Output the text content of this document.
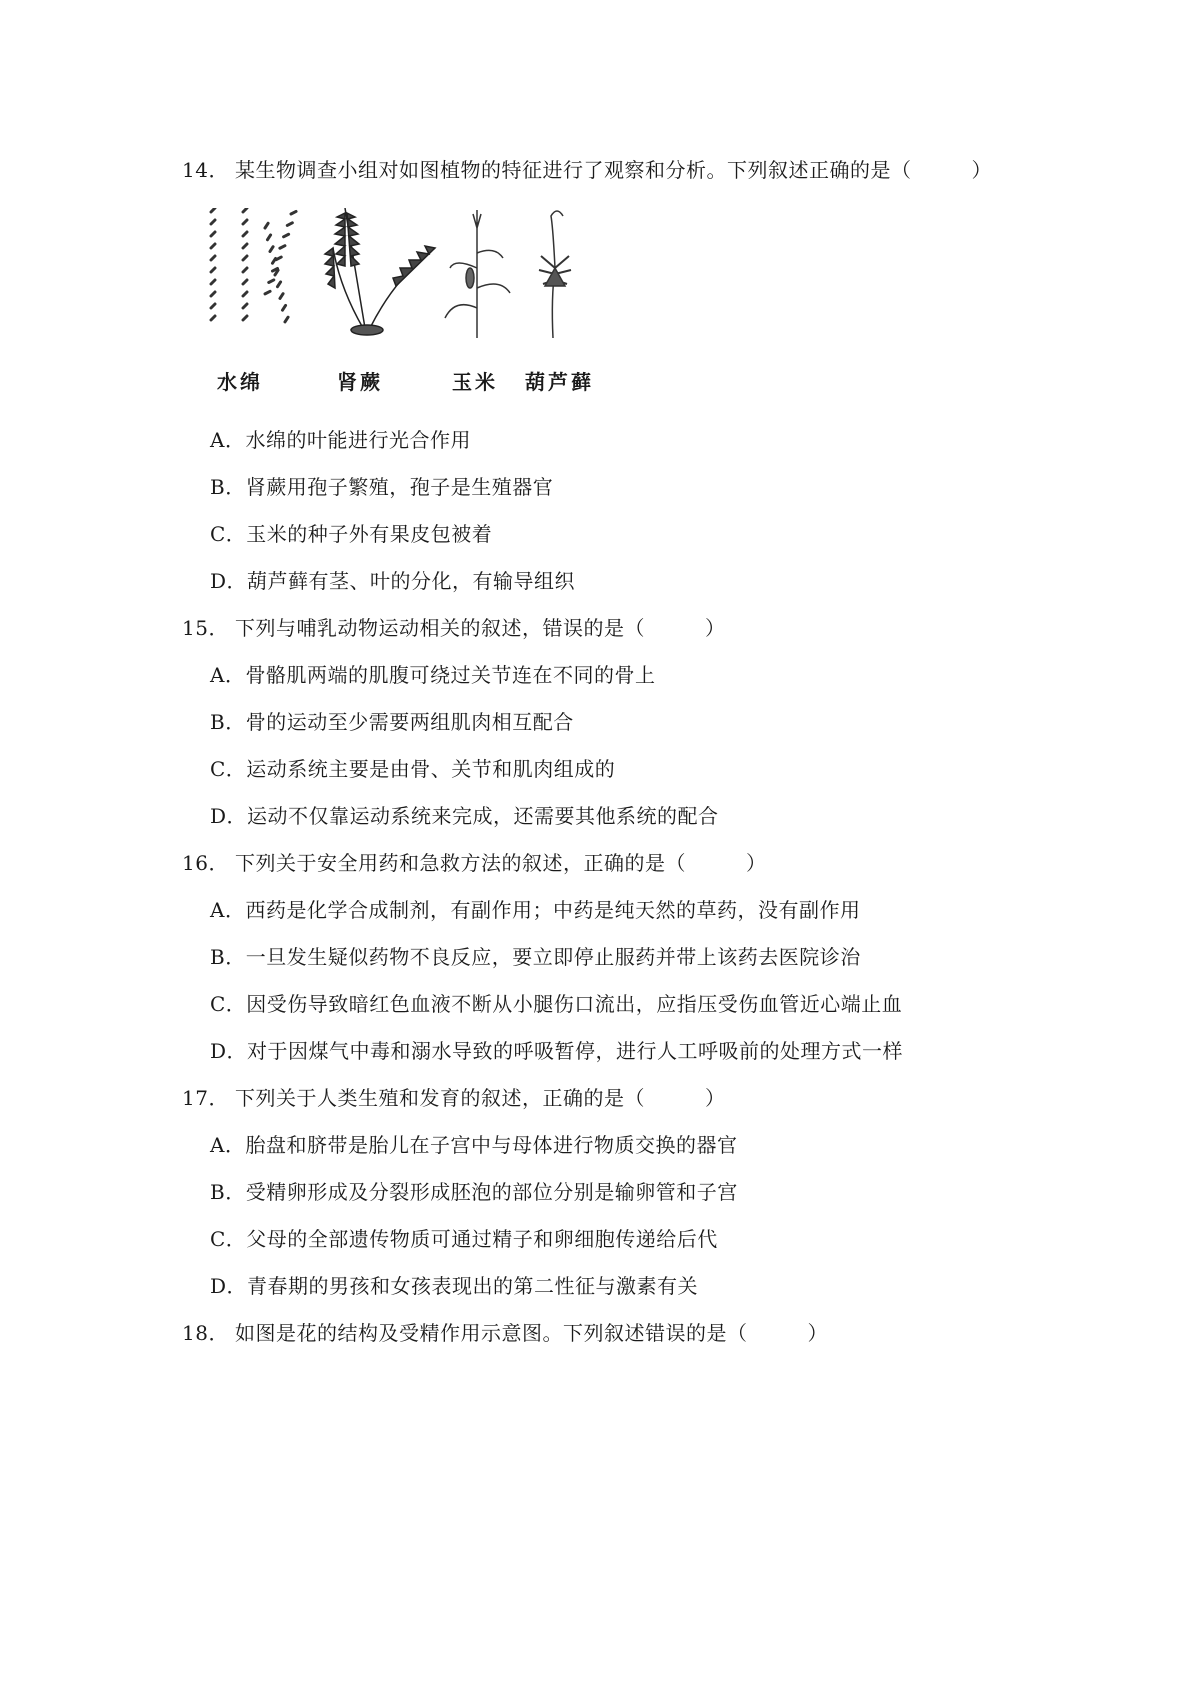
14． 某生物调查小组对如图植物的特征进行了观察和分析。下列叙述正确的是（	）
水绵	肾蕨	玉米 葫芦藓
A．水绵的叶能进行光合作用
B．肾蕨用孢子繁殖，孢子是生殖器官
C．玉米的种子外有果皮包被着
D．葫芦藓有茎、叶的分化，有输导组织
15． 下列与哺乳动物运动相关的叙述，错误的是（	）
A．骨骼肌两端的肌腹可绕过关节连在不同的骨上
B．骨的运动至少需要两组肌肉相互配合
C．运动系统主要是由骨、关节和肌肉组成的
D．运动不仅靠运动系统来完成，还需要其他系统的配合
16． 下列关于安全用药和急救方法的叙述，正确的是（	）
A．西药是化学合成制剂，有副作用；中药是纯天然的草药，没有副作用
B．一旦发生疑似药物不良反应，要立即停止服药并带上该药去医院诊治
C．因受伤导致暗红色血液不断从小腿伤口流出，应指压受伤血管近心端止血
D．对于因煤气中毒和溺水导致的呼吸暂停，进行人工呼吸前的处理方式一样
17． 下列关于人类生殖和发育的叙述，正确的是（	）
A．胎盘和脐带是胎儿在子宫中与母体进行物质交换的器官
B．受精卵形成及分裂形成胚泡的部位分别是输卵管和子宫
C．父母的全部遗传物质可通过精子和卵细胞传递给后代
D．青春期的男孩和女孩表现出的第二性征与激素有关
18． 如图是花的结构及受精作用示意图。下列叙述错误的是（	）
